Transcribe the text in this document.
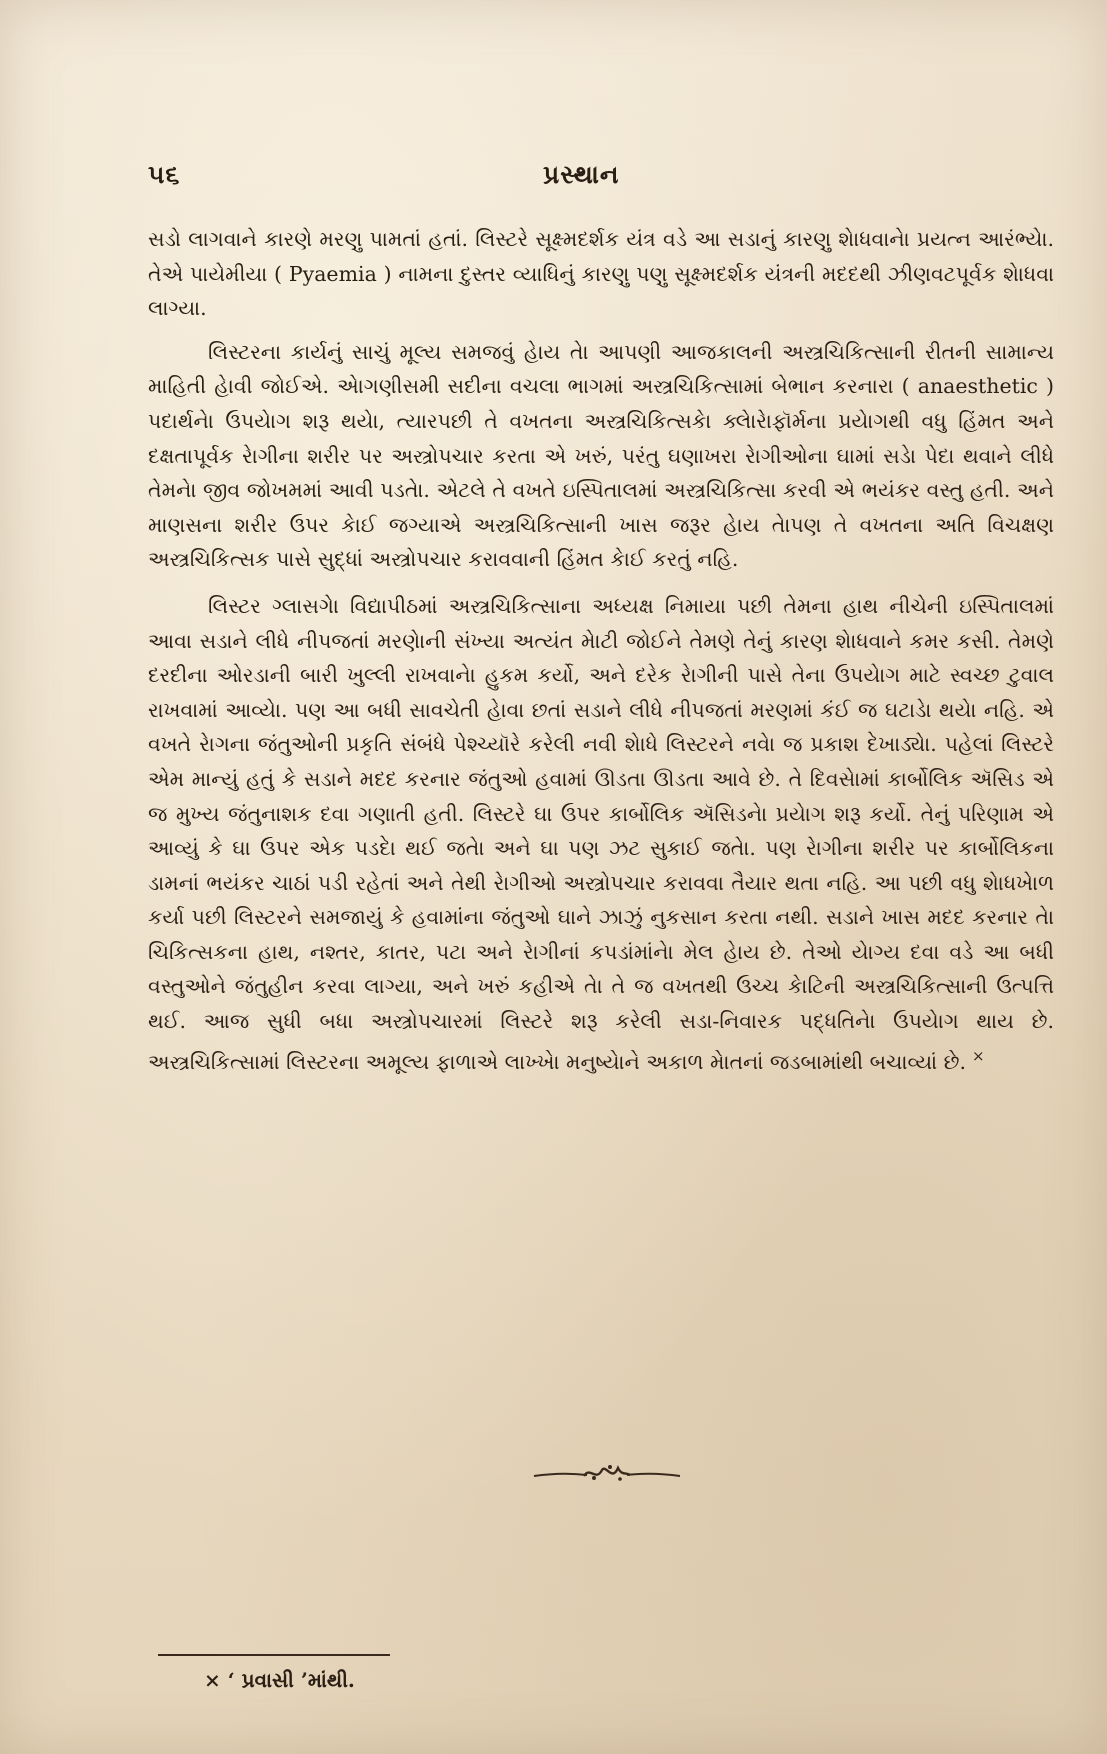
૫૬	પ્રસ્થાન

સડો લાગવાને કારણે મરણુ પામતાં હતાં. લિસ્ટરે સૂક્ષ્મદર્શક યંત્ર વડે આ સડાનું કારણુ શેાધવાનેા પ્રયત્ન આરંભ્યેા. તેએ પાયેમીયા ( Pyaemia ) નામના દુસ્તર વ્યાધિનું કારણુ પણુ સૂક્ષ્મદર્શક યંત્રની મદદથી ઝીણવટપૂર્વક શેાધવા લાગ્યા.

લિસ્ટરના કાર્યનું સાચું મૂલ્ય સમજવું હાેય તાે આપણી આજકાલની અસ્ત્રચિકિત્સાની રીતની સામાન્ય માહિતી હાેવી જોઈએ. એાગણીસમી સદીના વચલા ભાગમાં અસ્ત્રચિકિત્સામાં બેભાન કરનારા ( anaesthetic ) પદાર્થનાે ઉપયેાગ શરૂ થયેા, ત્યારપછી તે વખતના અસ્ત્રચિકિત્સકાે ક્લાેરાેફૉર્મના પ્રયેાગથી વધુ હિંમત અને દક્ષતાપૂર્વક રાેગીના શરીર પર અસ્ત્રોપચાર કરતા એ ખરું, પરંતુ ઘણાખરા રાેગીઓના ઘામાં સડાે પેદા થવાને લીધે તેમનાે જીવ જોખમમાં આવી પડતાે. એટલે તે વખતે ઇસ્પિતાલમાં અસ્ત્રચિકિત્સા કરવી એ ભયંકર વસ્તુ હતી. અને માણસના શરીર ઉપર કાેઈ જગ્યાએ અસ્ત્રચિકિત્સાની ખાસ જરૂર હાેય તાેપણ તે વખતના અતિ વિચક્ષણ અસ્ત્રચિકિત્સક પાસે સુદ્ધાં અસ્ત્રોપચાર કરાવવાની હિંમત કાેઈ કરતું નહિ.

લિસ્ટર ગ્લાસગાે વિદ્યાપીઠમાં અસ્ત્રચિકિત્સાના અધ્યક્ષ નિમાયા પછી તેમના હાથ નીચેની ઇસ્પિતાલમાં આવા સડાને લીધે નીપજતાં મરણાેની સંખ્યા અત્યંત માેટી જોઈને તેમણે તેનું કારણ શાેધવાને કમર કસી. તેમણે દરદીના ઓરડાની બારી ખુલ્લી રાખવાનાે હુકમ કર્યો, અને દરેક રાેગીની પાસે તેના ઉપયાેગ માટે સ્વચ્છ ટુવાલ રાખવામાં આવ્યાે. પણ આ બધી સાવચેતી હાેવા છતાં સડાને લીધે નીપજતાં મરણમાં કંઈ જ ઘટાડાે થયાે નહિ. એ વખતે રાેગના જંતુઓની પ્રકૃતિ સંબંધે પેશ્ચ્યૉરે કરેલી નવી શાેધે લિસ્ટરને નવાે જ પ્રકાશ દેખાડ્યાે. પહેલાં લિસ્ટરે એમ માન્યું હતું કે સડાને મદદ કરનાર જંતુઓ હવામાં ઊડતા ઊડતા આવે છે. તે દિવસાેમાં કાર્બોલિક ઍસિડ એ જ મુખ્ય જંતુનાશક દવા ગણાતી હતી. લિસ્ટરે ઘા ઉપર કાર્બોલિક ઍસિડનાે પ્રયાેગ શરૂ કર્યો. તેનું પરિણામ એ આવ્યું કે ઘા ઉપર એક પડદાે થઈ જતાે અને ઘા પણ ઝટ સુકાઈ જતાે. પણ રાેગીના શરીર પર કાર્બોલિકના ડામનાં ભયંકર ચાઠાં પડી રહેતાં અને તેથી રાેગીઓ અસ્ત્રોપચાર કરાવવા તૈયાર થતા નહિ. આ પછી વધુ શાેધખાેળ કર્યા પછી લિસ્ટરને સમજાયું કે હવામાંના જંતુઓ ઘાને ઝાઝું નુકસાન કરતા નથી. સડાને ખાસ મદદ કરનાર તાે ચિકિત્સકના હાથ, નશ્તર, કાતર, પટા અને રાેગીનાં કપડાંમાંનાે મેલ હાેય છે. તેઓ યાેગ્ય દવા વડે આ બધી વસ્તુઓને જંતુહીન કરવા લાગ્યા, અને ખરું કહીએ તાે તે જ વખતથી ઉચ્ચ કાેટિની અસ્ત્રચિકિત્સાની ઉત્પત્તિ થઈ. આજ સુધી બધા અસ્ત્રોપચારમાં લિસ્ટરે શરૂ કરેલી સડા-નિવારક પદ્ધતિનાે ઉપયાેગ થાય છે. અસ્ત્રચિકિત્સામાં લિસ્ટરના અમૂલ્ય ફાળાએ લાખ્ખાે મનુષ્યાેને અકાળ માેતનાં જડબામાંથી બચાવ્યાં છે. ×

× ‘ પ્રવાસી ’માંથી.
